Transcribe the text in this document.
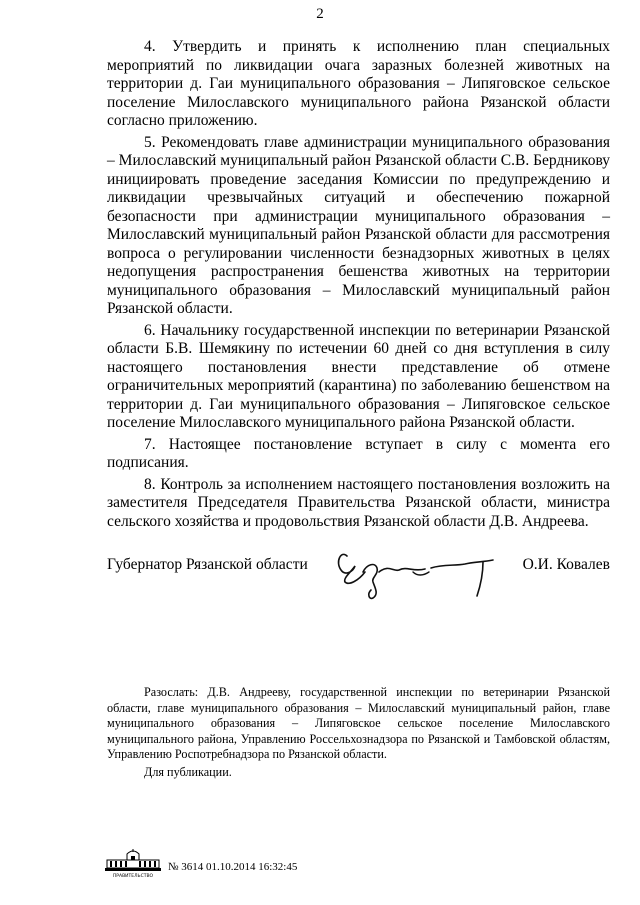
2

4. Утвердить и принять к исполнению план специальных мероприятий по ликвидации очага заразных болезней животных на территории д. Гаи муниципального образования – Липяговское сельское поселение Милославского муниципального района Рязанской области согласно приложению.

5. Рекомендовать главе администрации муниципального образования – Милославский муниципальный район Рязанской области С.В. Бердникову инициировать проведение заседания Комиссии по предупреждению и ликвидации чрезвычайных ситуаций и обеспечению пожарной безопасности при администрации муниципального образования – Милославский муниципальный район Рязанской области для рассмотрения вопроса о регулировании численности безнадзорных животных в целях недопущения распространения бешенства животных на территории муниципального образования – Милославский муниципальный район Рязанской области.

6. Начальнику государственной инспекции по ветеринарии Рязанской области Б.В. Шемякину по истечении 60 дней со дня вступления в силу настоящего постановления внести представление об отмене ограничительных мероприятий (карантина) по заболеванию бешенством на территории д. Гаи муниципального образования – Липяговское сельское поселение Милославского муниципального района Рязанской области.

7. Настоящее постановление вступает в силу с момента его подписания.

8. Контроль за исполнением настоящего постановления возложить на заместителя Председателя Правительства Рязанской области, министра сельского хозяйства и продовольствия Рязанской области Д.В. Андреева.

Губернатор Рязанской области	О.И. Ковалев

Разослать: Д.В. Андрееву, государственной инспекции по ветеринарии Рязанской области, главе муниципального образования – Милославский муниципальный район, главе муниципального образования – Липяговское сельское поселение Милославского муниципального района, Управлению Россельхознадзора по Рязанской и Тамбовской областям, Управлению Роспотребнадзора по Рязанской области.

Для публикации.

ПРАВИТЕЛЬСТВО
№ 3614 01.10.2014 16:32:45
